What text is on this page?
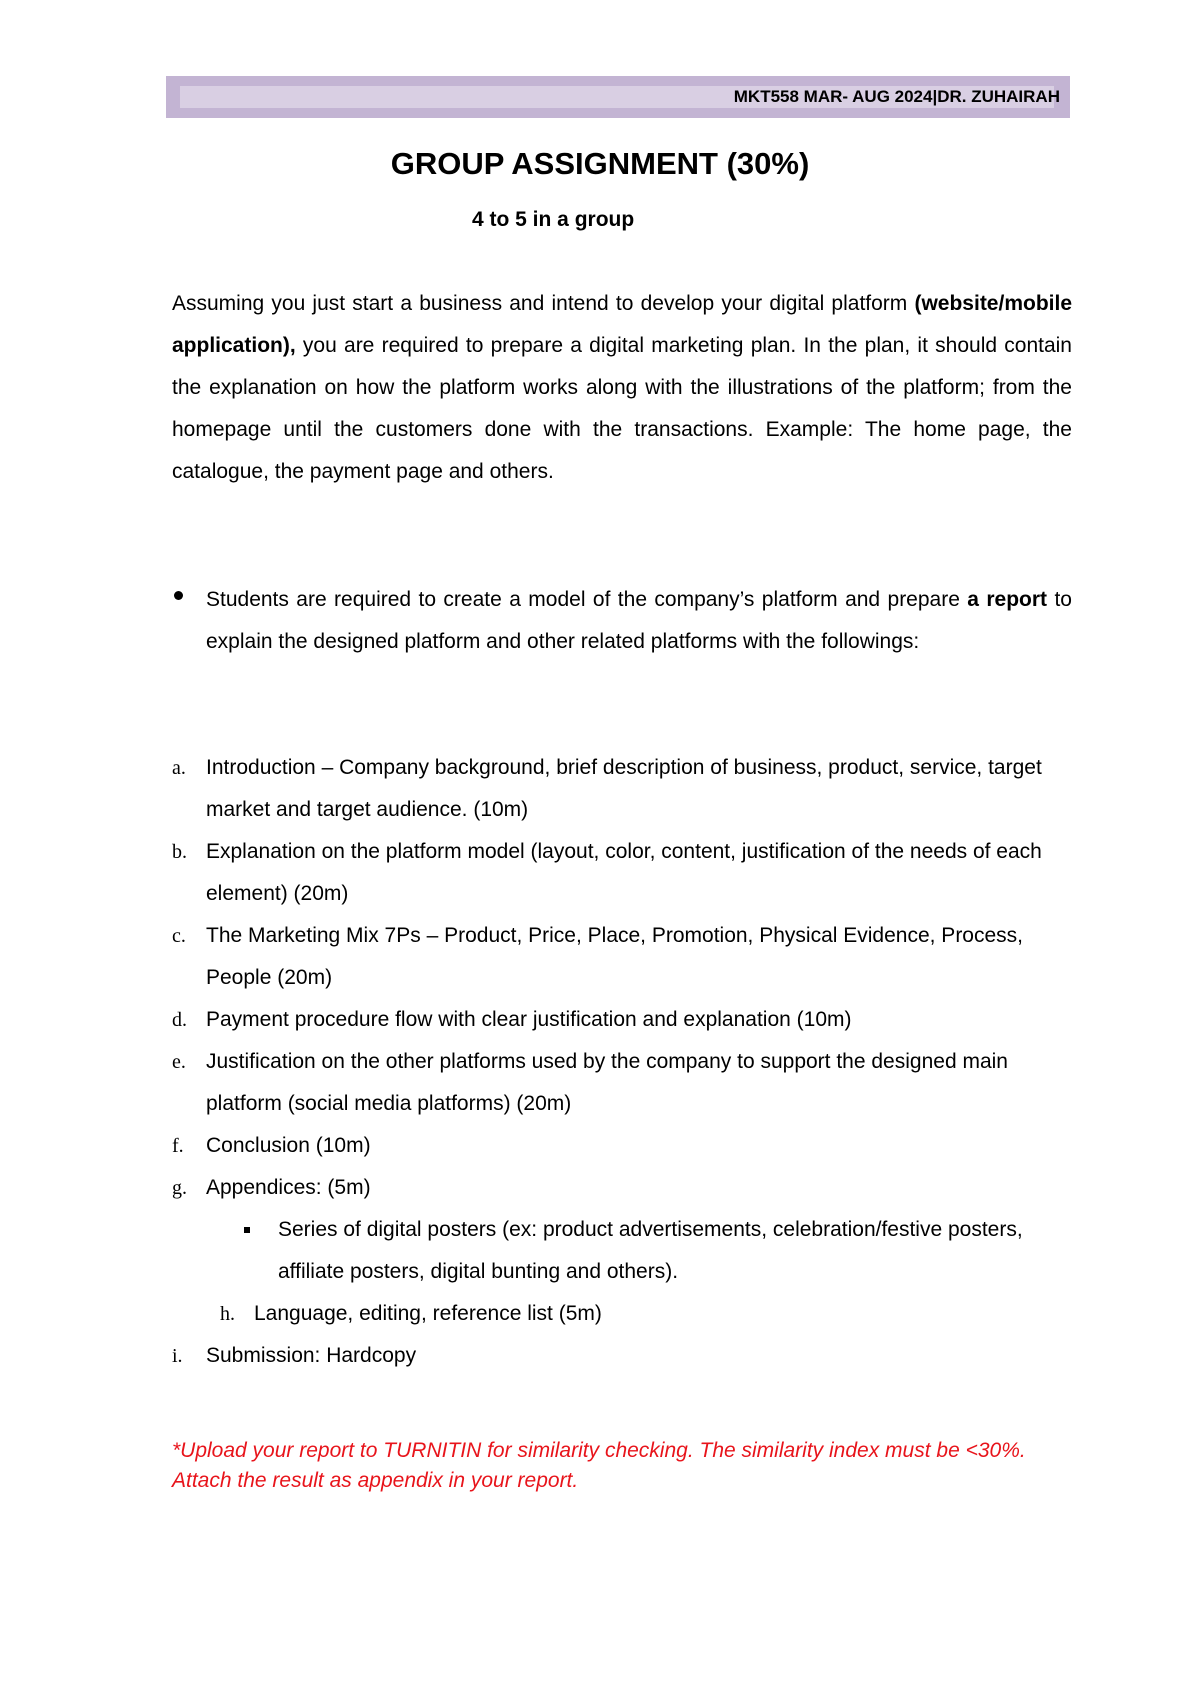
MKT558 MAR- AUG 2024|DR. ZUHAIRAH
GROUP ASSIGNMENT (30%)
4 to 5 in a group

Assuming you just start a business and intend to develop your digital platform (website/mobile application), you are required to prepare a digital marketing plan. In the plan, it should contain the explanation on how the platform works along with the illustrations of the platform; from the homepage until the customers done with the transactions. Example: The home page, the catalogue, the payment page and others.

Students are required to create a model of the company’s platform and prepare a report to explain the designed platform and other related platforms with the followings:

a. Introduction – Company background, brief description of business, product, service, target market and target audience. (10m)
b. Explanation on the platform model (layout, color, content, justification of the needs of each element) (20m)
c. The Marketing Mix 7Ps – Product, Price, Place, Promotion, Physical Evidence, Process, People (20m)
d. Payment procedure flow with clear justification and explanation (10m)
e. Justification on the other platforms used by the company to support the designed main platform (social media platforms) (20m)
f. Conclusion (10m)
g. Appendices: (5m)
Series of digital posters (ex: product advertisements, celebration/festive posters, affiliate posters, digital bunting and others).
h. Language, editing, reference list (5m)
i. Submission: Hardcopy

*Upload your report to TURNITIN for similarity checking. The similarity index must be <30%. Attach the result as appendix in your report.
